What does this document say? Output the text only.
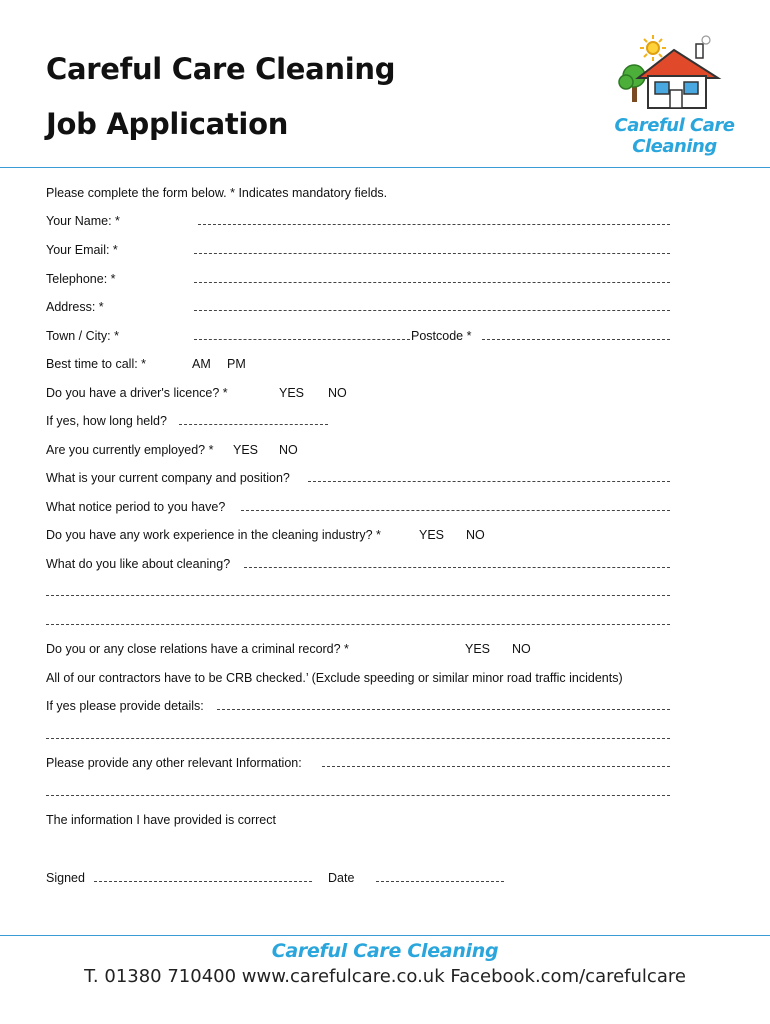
Careful Care Cleaning
Job Application	Careful Care
Cleaning
Please complete the form below. * Indicates mandatory fields.
Your Name: *
Your Email: *
Telephone: *
Address: *
Town / City: *	Postcode *
Best time to call: *	AM PM
Do you have a driver's licence? *	YES NO
If yes, how long held?
Are you currently employed? * YES NO
What is your current company and position?
What notice period to you have?
Do you have any work experience in the cleaning industry? *	YES NO
What do you like about cleaning?
Do you or any close relations have a criminal record? *	YES NO
All of our contractors have to be CRB checked.’ (Exclude speeding or similar minor road traffic incidents)
If yes please provide details:
Please provide any other relevant Information:
The information I have provided is correct
Signed	Date
Careful Care Cleaning
T. 01380 710400 www.carefulcare.co.uk Facebook.com/carefulcare
